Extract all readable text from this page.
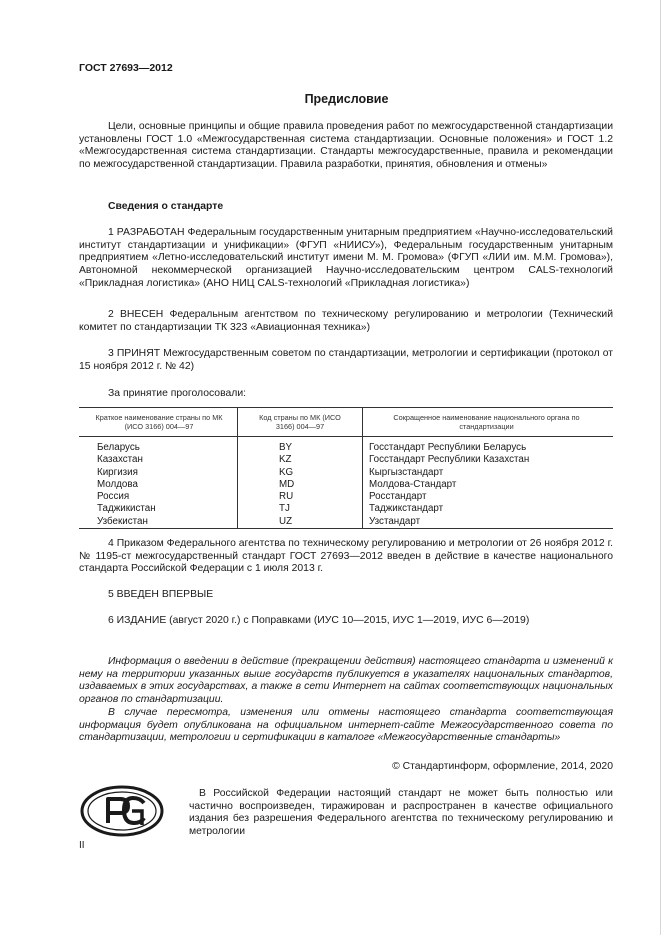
ГОСТ 27693—2012
Предисловие

Цели, основные принципы и общие правила проведения работ по межгосударственной стандартизации установлены ГОСТ 1.0 «Межгосударственная система стандартизации. Основные положения» и ГОСТ 1.2 «Межгосударственная система стандартизации. Стандарты межгосударственные, правила и рекомендации по межгосударственной стандартизации. Правила разработки, принятия, обновления и отмены»

Сведения о стандарте

1 РАЗРАБОТАН Федеральным государственным унитарным предприятием «Научно-исследовательский институт стандартизации и унификации» (ФГУП «НИИСУ»), Федеральным государственным унитарным предприятием «Летно-исследовательский институт имени М. М. Громова» (ФГУП «ЛИИ им. М.М. Громова»), Автономной некоммерческой организацией Научно-исследовательским центром CALS-технологий «Прикладная логистика» (АНО НИЦ CALS-технологий «Прикладная логистика»)

2 ВНЕСЕН Федеральным агентством по техническому регулированию и метрологии (Технический комитет по стандартизации ТК 323 «Авиационная техника»)

3 ПРИНЯТ Межгосударственным советом по стандартизации, метрологии и сертификации (протокол от 15 ноября 2012 г. № 42)

За принятие проголосовали:
Краткое наименование страны по МК (ИСО 3166) 004—97
Код страны по МК (ИСО 3166) 004—97
Сокращенное наименование национального органа по стандартизации
Беларусь
Казахстан
Киргизия
Молдова
Россия
Таджикистан
Узбекистан
BY
KZ
KG
MD
RU
TJ
UZ
Госстандарт Республики Беларусь
Госстандарт Республики Казахстан
Кыргызстандарт
Молдова-Стандарт
Росстандарт
Таджикстандарт
Узстандарт

4 Приказом Федерального агентства по техническому регулированию и метрологии от 26 ноября 2012 г. № 1195-ст межгосударственный стандарт ГОСТ 27693—2012 введен в действие в качестве национального стандарта Российской Федерации с 1 июля 2013 г.

5 ВВЕДЕН ВПЕРВЫЕ
6 ИЗДАНИЕ (август 2020 г.) с Поправками (ИУС 10—2015, ИУС 1—2019, ИУС 6—2019)

Информация о введении в действие (прекращении действия) настоящего стандарта и изменений к нему на территории указанных выше государств публикуется в указателях национальных стандартов, издаваемых в этих государствах, а также в сети Интернет на сайтах соответствующих национальных органов по стандартизации.

В случае пересмотра, изменения или отмены настоящего стандарта соответствующая информация будет опубликована на официальном интернет-сайте Межгосударственного совета по стандартизации, метрологии и сертификации в каталоге «Межгосударственные стандарты»

© Стандартинформ, оформление, 2014, 2020

В Российской Федерации настоящий стандарт не может быть полностью или частично воспроизведен, тиражирован и распространен в качестве официального издания без разрешения Федерального агентства по техническому регулированию и метрологии

II
